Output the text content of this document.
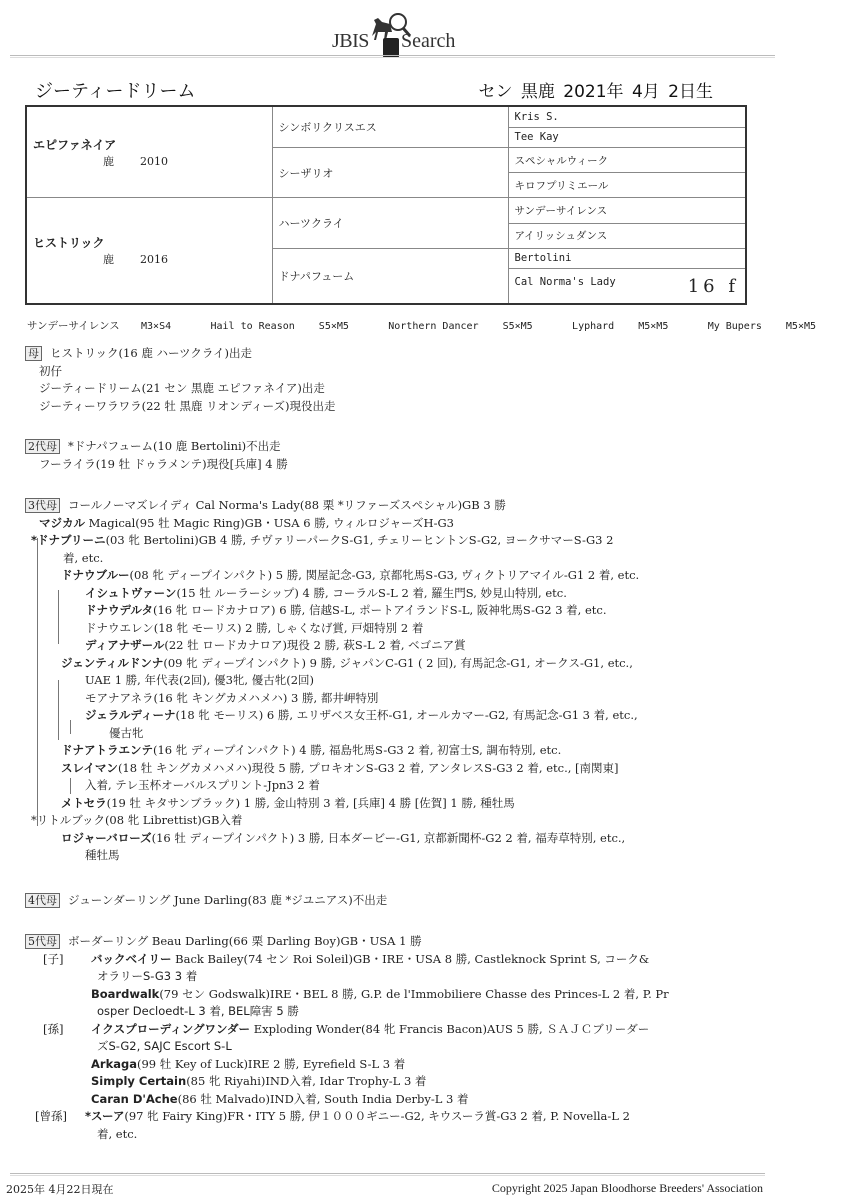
JBIS Search
ジーティードリーム	セン 黒鹿 2021年 4月 2日生
エピファネイア
鹿 2010	シンボリクリスエス	Kris S.
		Tee Kay
	シーザリオ	スペシャルウィーク
		キロフプリミエール

ヒストリック
鹿 2016	ハーツクライ	サンデーサイレンス
		アイリッシュダンス
	ドナパフューム	Bertolini
		Cal Norma's Lady 16 f
サンデーサイレンス M3×S4	Hail to Reason S5×M5	Northern Dancer S5×M5	Lyphard M5×M5	My Bupers M5×M5
母 ヒストリック(16 鹿 ハーツクライ)出走
初仔
ジーティードリーム(21 セン 黒鹿 エピファネイア)出走
ジーティーワラワラ(22 牡 黒鹿 リオンディーズ)現役出走
2代母 *ドナパフューム(10 鹿 Bertolini)不出走
フーライラ(19 牡 ドゥラメンテ)現役[兵庫] 4 勝
3代母 コールノーマズレイディ Cal Norma's Lady(88 栗 *リファーズスペシャル)GB 3 勝
マジカル Magical(95 牡 Magic Ring)GB・USA 6 勝, ウィルロジャーズH-G3
*ドナブリーニ(03 牝 Bertolini)GB 4 勝, チヴァリーパークS-G1, チェリーヒントンS-G2, ヨークサマーS-G3 2
着, etc.
ドナウブルー(08 牝 ディープインパクト) 5 勝, 関屋記念-G3, 京都牝馬S-G3, ヴィクトリアマイル-G1 2 着, etc.
イシュトヴァーン(15 牡 ルーラーシップ) 4 勝, コーラルS-L 2 着, 羅生門S, 妙見山特別, etc.
ドナウデルタ(16 牝 ロードカナロア) 6 勝, 信越S-L, ポートアイランドS-L, 阪神牝馬S-G2 3 着, etc.
ドナウエレン(18 牝 モーリス) 2 勝, しゃくなげ賞, 戸畑特別 2 着
ディアナザール(22 牡 ロードカナロア)現役 2 勝, 萩S-L 2 着, ベゴニア賞
ジェンティルドンナ(09 牝 ディープインパクト) 9 勝, ジャパンC-G1 ( 2 回), 有馬記念-G1, オークス-G1, etc.,
UAE 1 勝, 年代表(2回), 優3牝, 優古牝(2回)
モアナアネラ(16 牝 キングカメハメハ) 3 勝, 都井岬特別
ジェラルディーナ(18 牝 モーリス) 6 勝, エリザベス女王杯-G1, オールカマー-G2, 有馬記念-G1 3 着, etc.,
優古牝
ドナアトラエンテ(16 牝 ディープインパクト) 4 勝, 福島牝馬S-G3 2 着, 初富士S, 調布特別, etc.
スレイマン(18 牡 キングカメハメハ)現役 5 勝, プロキオンS-G3 2 着, アンタレスS-G3 2 着, etc., [南関東]
入着, テレ玉杯オーバルスプリント-Jpn3 2 着
メトセラ(19 牡 キタサンブラック) 1 勝, 金山特別 3 着, [兵庫] 4 勝 [佐賀] 1 勝, 種牡馬
*リトルブック(08 牝 Librettist)GB入着
ロジャーバローズ(16 牡 ディープインパクト) 3 勝, 日本ダービー-G1, 京都新聞杯-G2 2 着, 福寿草特別, etc.,
種牡馬
4代母 ジューンダーリング June Darling(83 鹿 *ジユニアス)不出走
5代母 ボーダーリング Beau Darling(66 栗 Darling Boy)GB・USA 1 勝
[子] バックベイリー Back Bailey(74 セン Roi Soleil)GB・IRE・USA 8 勝, Castleknock Sprint S, コーク&
オラリーS-G3 3 着
Boardwalk(79 セン Godswalk)IRE・BEL 8 勝, G.P. de l'Immobiliere Chasse des Princes-L 2 着, P. Pr
osper Decloedt-L 3 着, BEL障害 5 勝
[孫] イクスプローディングワンダー Exploding Wonder(84 牝 Francis Bacon)AUS 5 勝, ＳＡＪＣブリーダー
ズS-G2, SAJC Escort S-L
Arkaga(99 牡 Key of Luck)IRE 2 勝, Eyrefield S-L 3 着
Simply Certain(85 牝 Riyahi)IND入着, Idar Trophy-L 3 着
Caran D'Ache(86 牡 Malvado)IND入着, South India Derby-L 3 着
[曾孫] *スーア(97 牝 Fairy King)FR・ITY 5 勝, 伊１０００ギニー-G2, キウスーラ賞-G3 2 着, P. Novella-L 2
着, etc.
2025年 4月22日現在	Copyright 2025 Japan Bloodhorse Breeders' Association
